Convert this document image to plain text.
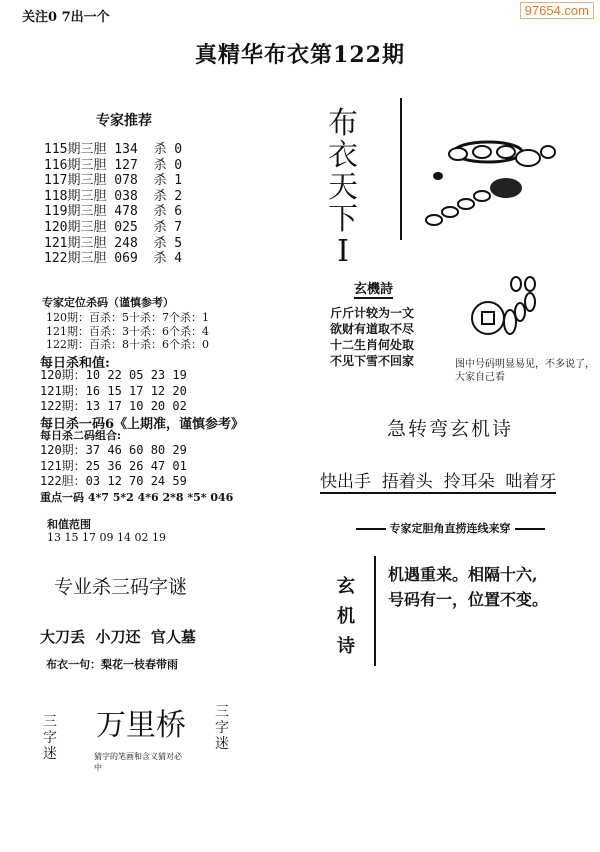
关注0 7出一个	97654.com
真精华布衣第122期
专家推荐
115期三胆 134  杀 0
116期三胆 127  杀 0
117期三胆 078  杀 1
118期三胆 038  杀 2
119期三胆 478  杀 6
120期三胆 025  杀 7
121期三胆 248  杀 5
122期三胆 069  杀 4
专家定位杀码（谨慎参考）
120期：百杀：5十杀：7个杀：1
121期：百杀：3十杀：6个杀：4
122期：百杀：8十杀：6个杀：0
每日杀和值:
120期：10 22 05 23 19
121期：16 15 17 12 20
122期：13 17 10 20 02
每日杀一码6《上期准，谨慎参考》
每日杀二码组合:
120期：37 46 60 80 29
121期：25 36 26 47 01
122胆：03 12 70 24 59
重点一码 4*7 5*2 4*6 2*8 *5* 046

和值范围
13 15 17 09 14 02 19

专业杀三码字谜
大刀丢  小刀还  官人墓
布衣一句：梨花一枝春带雨
三字迷
三字迷
万里桥
猜字的笔画和含义猜对必中
布
衣
天
下
I
玄機詩
斤斤计较为一文
欲财有道取不尽
十二生肖何处取
不见下雪不回家	图中号码明显易见，不多说了，大家自己看
急转弯玄机诗
快出手  捂着头  拎耳朵  咄着牙
专家定胆角直捞连线来穿
玄
机
诗
机遇重来。相隔十六,
号码有一，位置不变。
